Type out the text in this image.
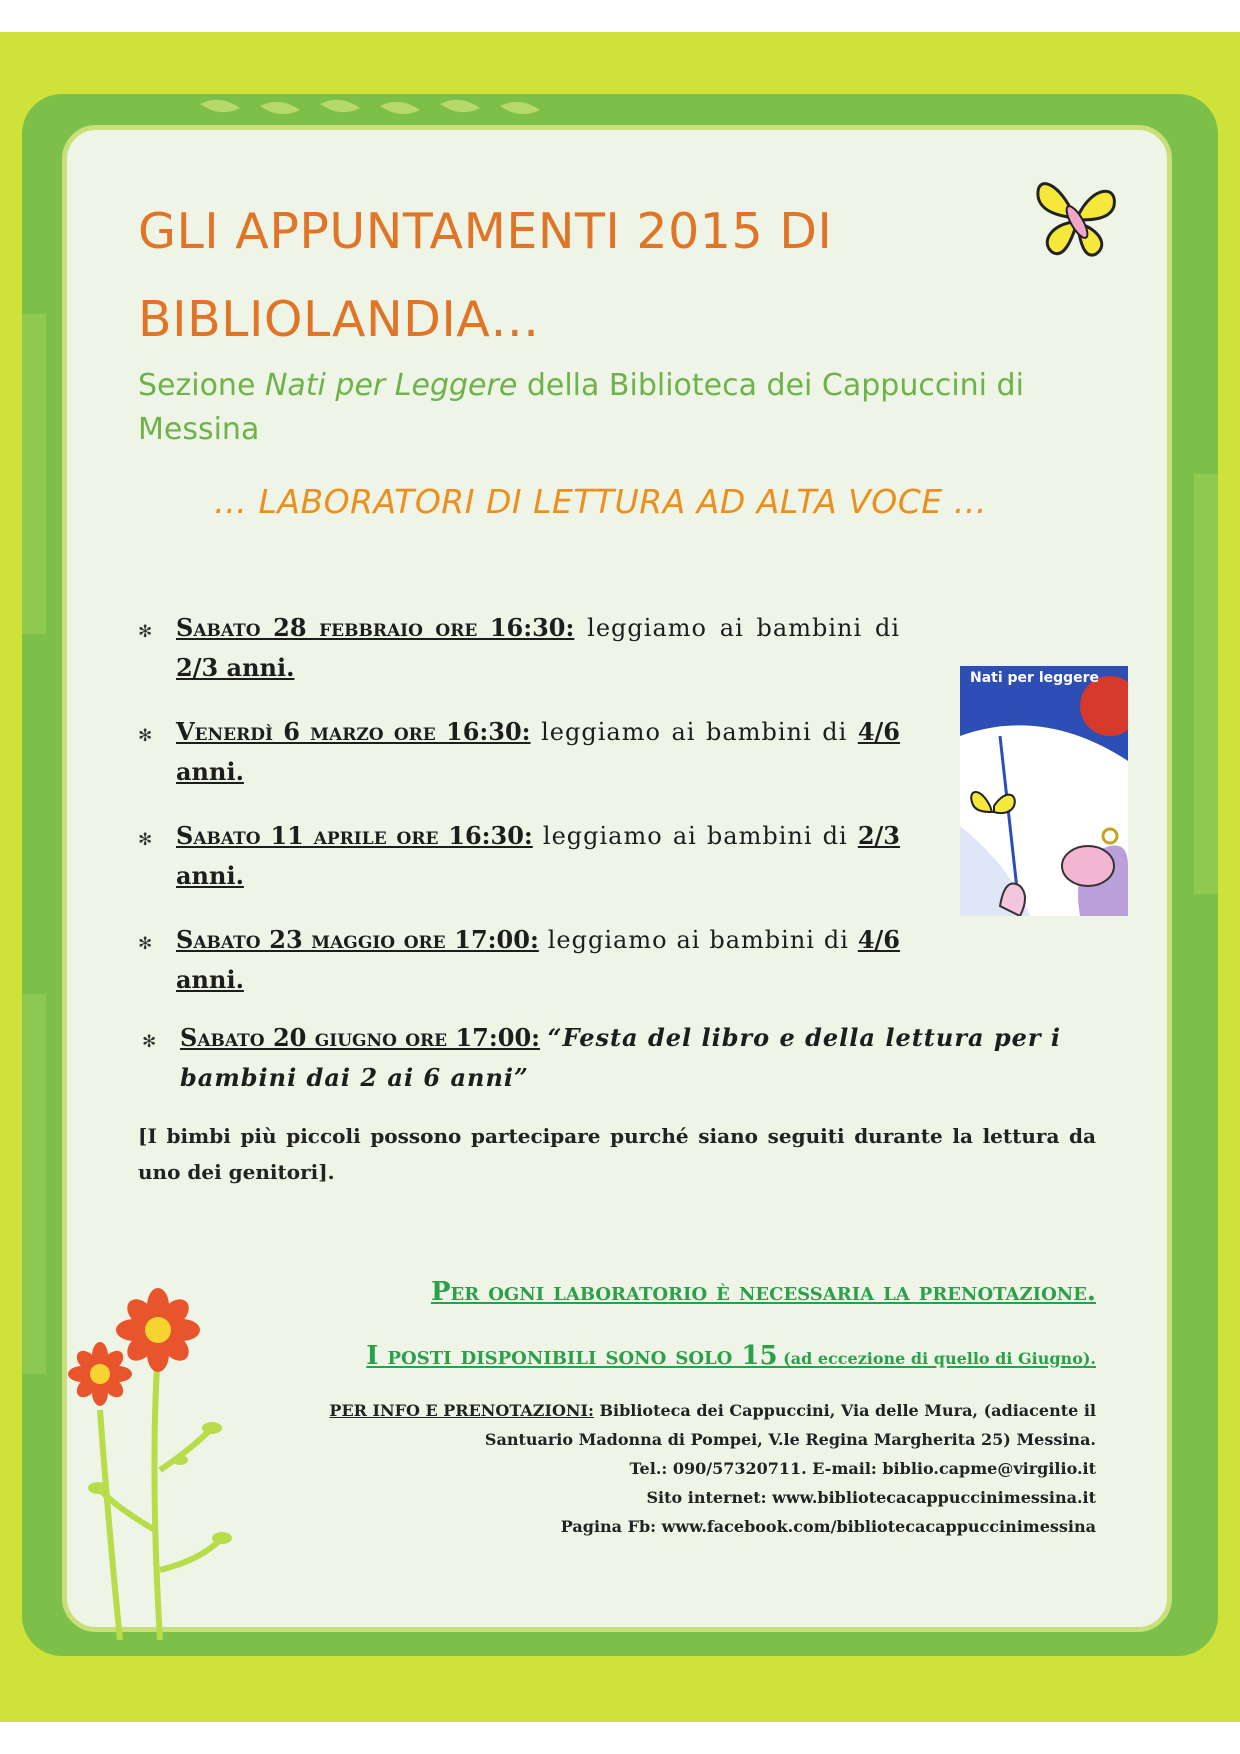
GLI APPUNTAMENTI 2015 DI
BIBLIOLANDIA…
Sezione Nati per Leggere della Biblioteca dei Cappuccini di Messina
… LABORATORI DI LETTURA AD ALTA VOCE …
✻ Sabato 28 febbraio ore 16:30: leggiamo ai bambini di 2/3 anni.
✻ Venerdì 6 marzo ore 16:30: leggiamo ai bambini di 4/6 anni.
✻ Sabato 11 aprile ore 16:30: leggiamo ai bambini di 2/3 anni.
✻ Sabato 23 maggio ore 17:00: leggiamo ai bambini di 4/6 anni.
Nati per leggere
✻ Sabato 20 giugno ore 17:00: “Festa del libro e della lettura per i bambini dai 2 ai 6 anni”
[I bimbi più piccoli possono partecipare purché siano seguiti durante la lettura da uno dei genitori].
Per ogni laboratorio è necessaria la prenotazione.
I posti disponibili sono solo 15 (ad eccezione di quello di Giugno).
PER INFO E PRENOTAZIONI: Biblioteca dei Cappuccini, Via delle Mura, (adiacente il
Santuario Madonna di Pompei, V.le Regina Margherita 25) Messina.
Tel.: 090/57320711. E-mail: biblio.capme@virgilio.it
Sito internet: www.bibliotecacappuccinimessina.it
Pagina Fb: www.facebook.com/bibliotecacappuccinimessina
